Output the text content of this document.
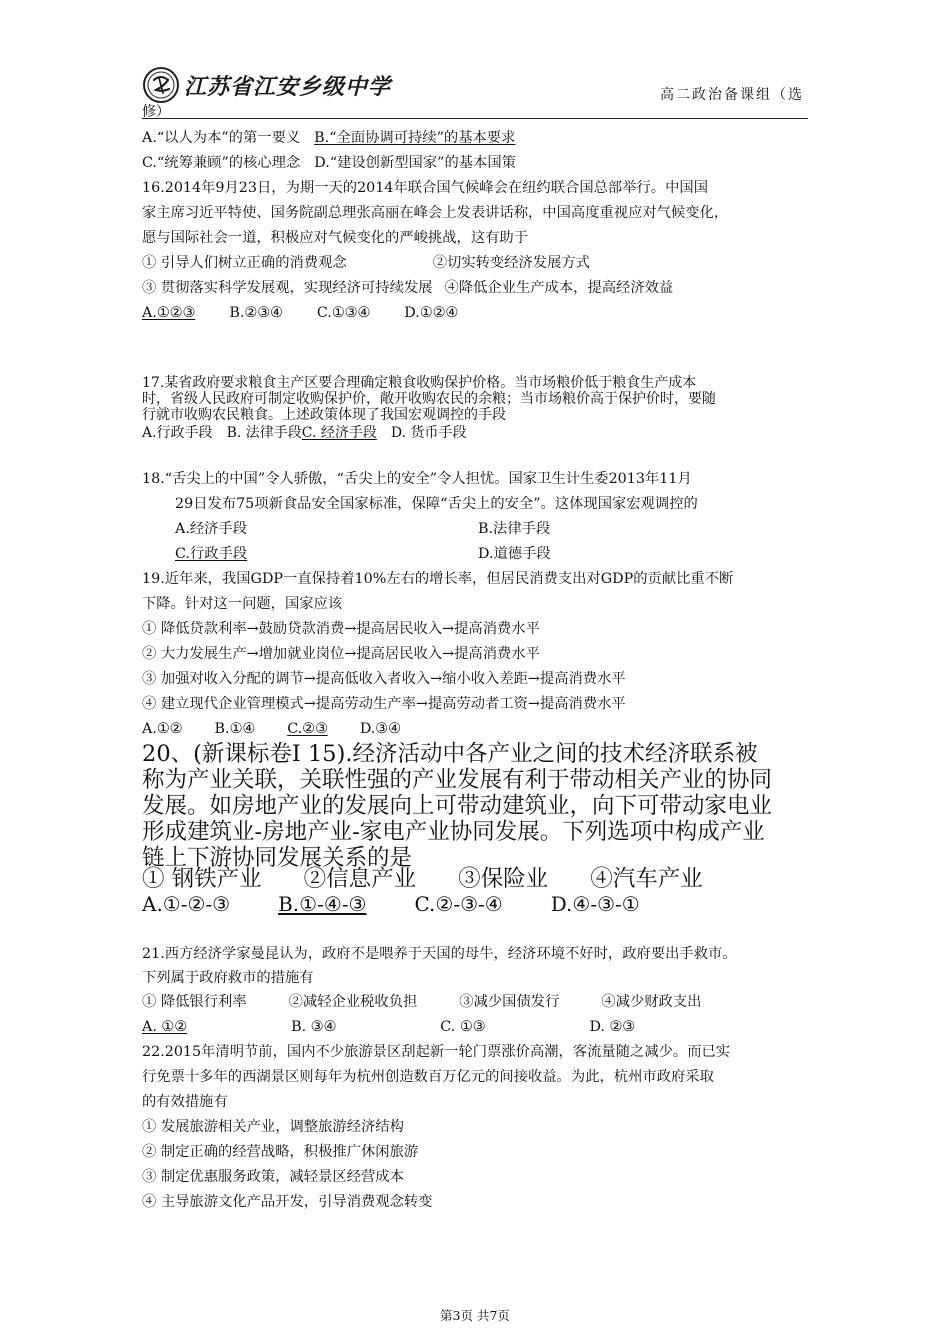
江苏省江安乡级中学	高二政治备课组（选
修）
A.“以人为本”的第一要义 B.“全面协调可持续”的基本要求
C.“统筹兼顾”的核心理念 D.“建设创新型国家”的基本国策
16.2014年9月23日，为期一天的2014年联合国气候峰会在纽约联合国总部举行。中国国
家主席习近平特使、国务院副总理张高丽在峰会上发表讲话称，中国高度重视应对气候变化，
愿与国际社会一道，积极应对气候变化的严峻挑战，这有助于
① 引导人们树立正确的消费观念	②切实转变经济发展方式
③ 贯彻落实科学发展观，实现经济可持续发展 ④降低企业生产成本，提高经济效益
A.①②③ B.②③④ C.①③④ D.①②④
17.某省政府要求粮食主产区要合理确定粮食收购保护价格。当市场粮价低于粮食生产成本
时，省级人民政府可制定收购保护价，敞开收购农民的余粮；当市场粮价高于保护价时，要随
行就市收购农民粮食。上述政策体现了我国宏观调控的手段
A.行政手段 B. 法律手段C. 经济手段 D. 货币手段
18.“舌尖上的中国”令人骄傲，“舌尖上的安全”令人担忧。国家卫生计生委2013年11月
29日发布75项新食品安全国家标准，保障“舌尖上的安全”。这体现国家宏观调控的
A.经济手段	B.法律手段
C.行政手段	D.道德手段
19.近年来，我国GDP一直保持着10%左右的增长率，但居民消费支出对GDP的贡献比重不断
下降。针对这一问题，国家应该
① 降低贷款利率→鼓励贷款消费→提高居民收入→提高消费水平
② 大力发展生产→增加就业岗位→提高居民收入→提高消费水平
③ 加强对收入分配的调节→提高低收入者收入→缩小收入差距→提高消费水平
④ 建立现代企业管理模式→提高劳动生产率→提高劳动者工资→提高消费水平
A.①② B.①④ C.②③ D.③④
20、(新课标卷Ⅰ 15).经济活动中各产业之间的技术经济联系被
称为产业关联，关联性强的产业发展有利于带动相关产业的协同
发展。如房地产业的发展向上可带动建筑业，向下可带动家电业
形成建筑业-房地产业-家电产业协同发展。下列选项中构成产业
链上下游协同发展关系的是
① 钢铁产业 ②信息产业 ③保险业 ④汽车产业
A.①-②-③ B.①-④-③ C.②-③-④ D.④-③-①
21.西方经济学家曼昆认为，政府不是喂养于天国的母牛，经济环境不好时，政府要出手救市。
下列属于政府救市的措施有
① 降低银行利率	②减轻企业税收负担	③减少国债发行	④减少财政支出
A. ①②	B. ③④	C. ①③	D. ②③
22.2015年清明节前，国内不少旅游景区刮起新一轮门票涨价高潮，客流量随之减少。而已实
行免票十多年的西湖景区则每年为杭州创造数百万亿元的间接收益。为此，杭州市政府采取
的有效措施有
① 发展旅游相关产业，调整旅游经济结构
② 制定正确的经营战略，积极推广休闲旅游
③ 制定优惠服务政策，减轻景区经营成本
④ 主导旅游文化产品开发，引导消费观念转变
第3页 共7页
